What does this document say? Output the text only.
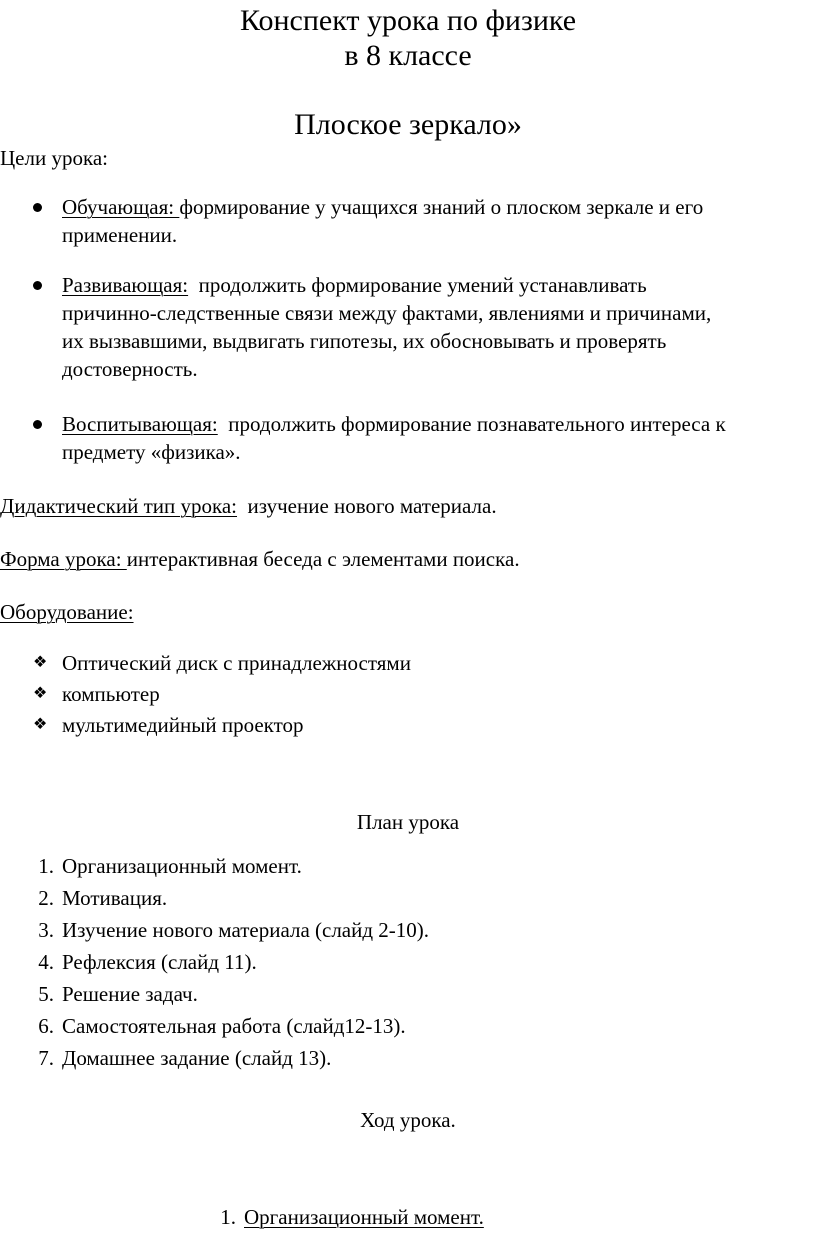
Конспект урока по физике
в 8 классе
Плоское зеркало»
Цели урока:
Обучающая: формирование у учащихся знаний о плоском зеркале и его
применении.
Развивающая: продолжить формирование умений устанавливать
причинно-следственные связи между фактами, явлениями и причинами,
их вызвавшими, выдвигать гипотезы, их обосновывать и проверять
достоверность.
Воспитывающая: продолжить формирование познавательного интереса к
предмету «физика».
Дидактический тип урока: изучение нового материала.
Форма урока: интерактивная беседа с элементами поиска.
Оборудование:
❖ Оптический диск с принадлежностями
❖ компьютер
❖ мультимедийный проектор
План урока
1. Организационный момент.
2. Мотивация.
3. Изучение нового материала (слайд 2-10).
4. Рефлексия (слайд 11).
5. Решение задач.
6. Самостоятельная работа (слайд12-13).
7. Домашнее задание (слайд 13).
Ход урока.
1. Организационный момент.
